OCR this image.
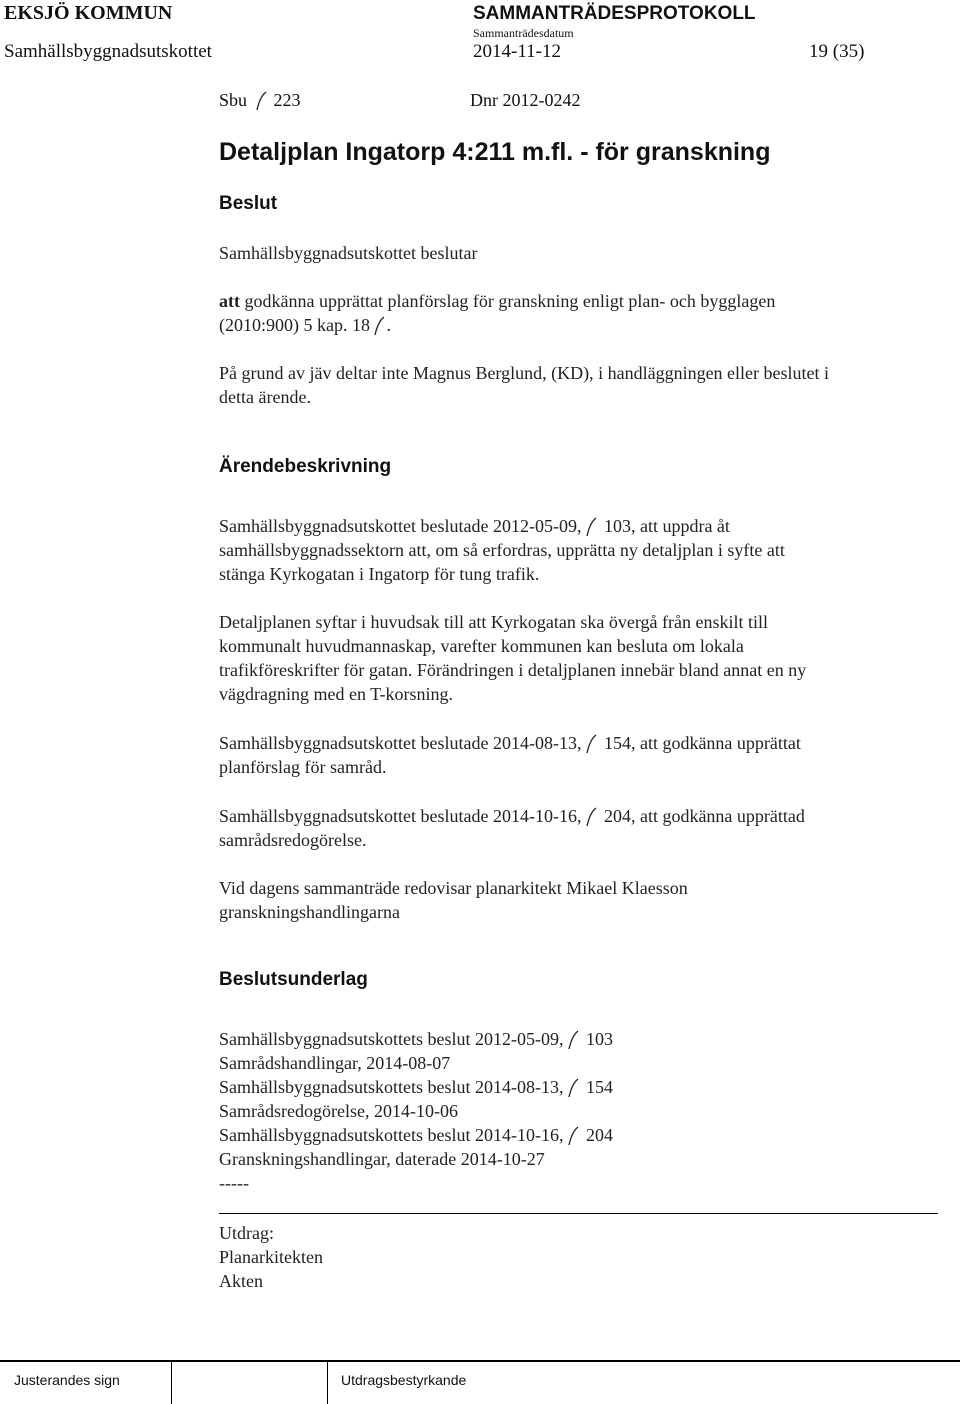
EKSJÖ KOMMUN	SAMMANTRÄDESPROTOKOLL
Sammanträdesdatum
Samhällsbyggnadsutskottet	2014-11-12	19 (35)
Sbu 223	Dnr 2012-0242
Detaljplan Ingatorp 4:211 m.fl. - för granskning
Beslut
Samhällsbyggnadsutskottet beslutar
att godkänna upprättat planförslag för granskning enligt plan- och bygglagen
(2010:900) 5 kap. 18 .
På grund av jäv deltar inte Magnus Berglund, (KD), i handläggningen eller beslutet i
detta ärende.
Ärendebeskrivning
Samhällsbyggnadsutskottet beslutade 2012-05-09, 103, att uppdra åt
samhällsbyggnadssektorn att, om så erfordras, upprätta ny detaljplan i syfte att
stänga Kyrkogatan i Ingatorp för tung trafik.
Detaljplanen syftar i huvudsak till att Kyrkogatan ska övergå från enskilt till
kommunalt huvudmannaskap, varefter kommunen kan besluta om lokala
trafikföreskrifter för gatan. Förändringen i detaljplanen innebär bland annat en ny
vägdragning med en T-korsning.
Samhällsbyggnadsutskottet beslutade 2014-08-13, 154, att godkänna upprättat
planförslag för samråd.
Samhällsbyggnadsutskottet beslutade 2014-10-16, 204, att godkänna upprättad
samrådsredogörelse.
Vid dagens sammanträde redovisar planarkitekt Mikael Klaesson
granskningshandlingarna
Beslutsunderlag
Samhällsbyggnadsutskottets beslut 2012-05-09, 103
Samrådshandlingar, 2014-08-07
Samhällsbyggnadsutskottets beslut 2014-08-13, 154
Samrådsredogörelse, 2014-10-06
Samhällsbyggnadsutskottets beslut 2014-10-16, 204
Granskningshandlingar, daterade 2014-10-27
-----
Utdrag:
Planarkitekten
Akten
Justerandes sign	Utdragsbestyrkande
